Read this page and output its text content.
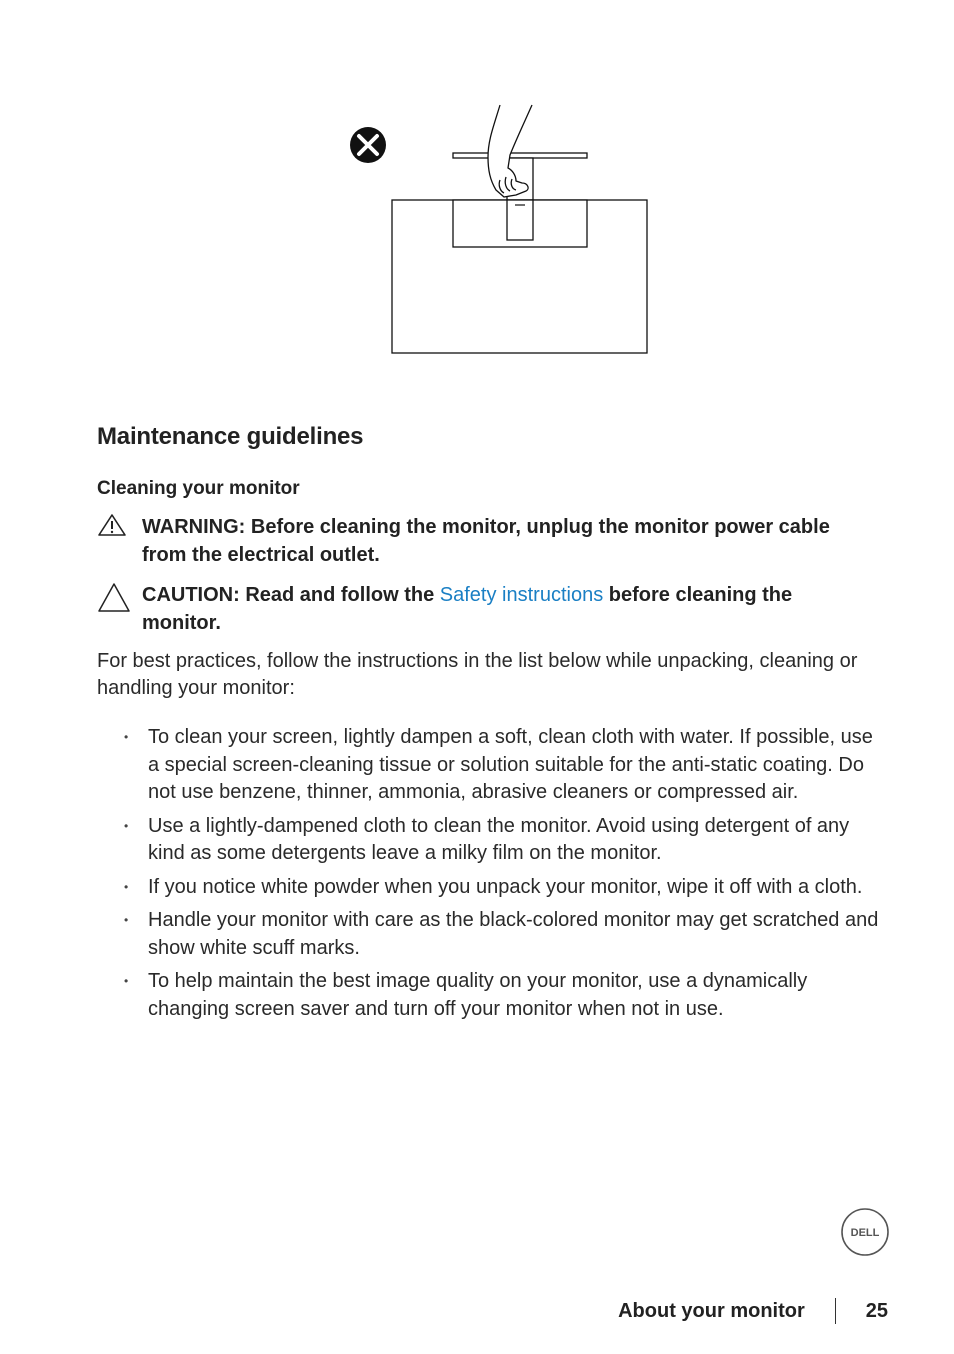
Maintenance guidelines
Cleaning your monitor
WARNING: Before cleaning the monitor, unplug the monitor power cable from the electrical outlet.
CAUTION: Read and follow the Safety instructions before cleaning the monitor.

For best practices, follow the instructions in the list below while unpacking, cleaning or handling your monitor:

• To clean your screen, lightly dampen a soft, clean cloth with water. If possible, use a special screen-cleaning tissue or solution suitable for the anti-static coating. Do not use benzene, thinner, ammonia, abrasive cleaners or compressed air.
• Use a lightly-dampened cloth to clean the monitor. Avoid using detergent of any kind as some detergents leave a milky film on the monitor.
• If you notice white powder when you unpack your monitor, wipe it off with a cloth.
• Handle your monitor with care as the black-colored monitor may get scratched and show white scuff marks.
• To help maintain the best image quality on your monitor, use a dynamically changing screen saver and turn off your monitor when not in use.
DELL
About your monitor	25
